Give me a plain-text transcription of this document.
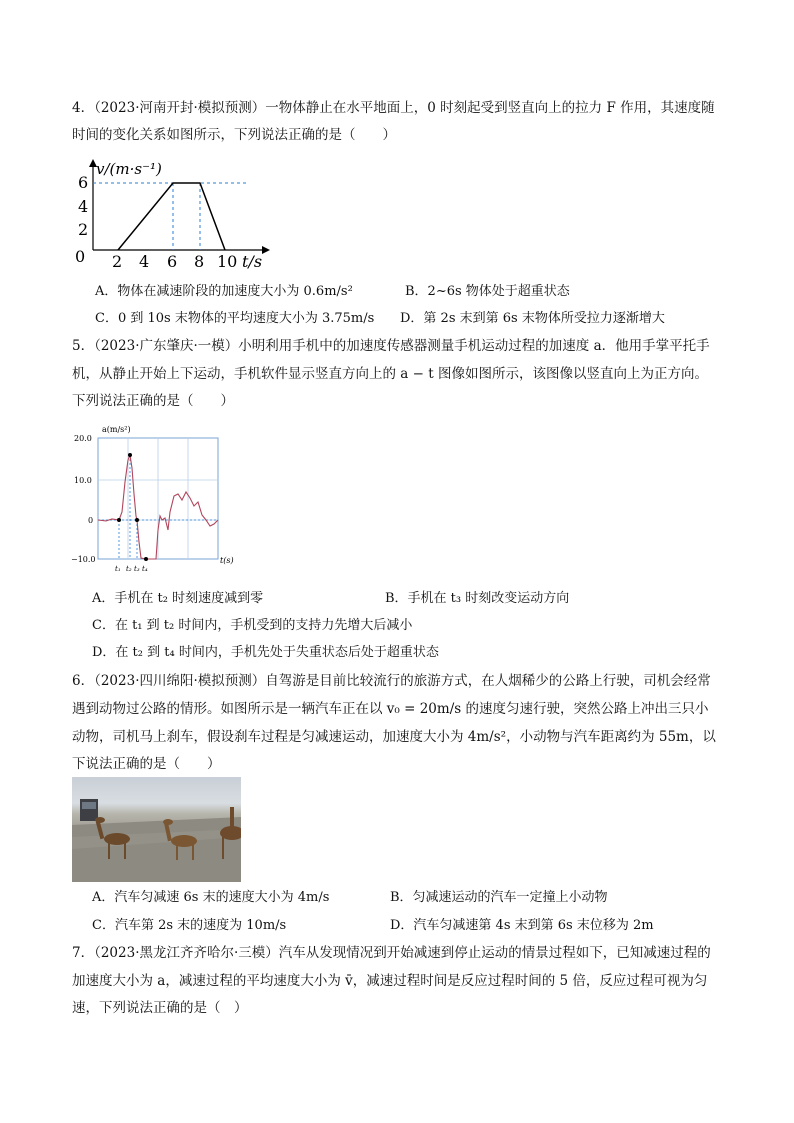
4．（2023·河南开封·模拟预测）一物体静止在水平地面上，0 时刻起受到竖直向上的拉力 F 作用，其速度随
时间的变化关系如图所示，下列说法正确的是（　　）
v/(m·s⁻¹)
6
4
2
0 2 4 6 8 10 t/s
A．物体在减速阶段的加速度大小为 0.6m/s²	B．2~6s 物体处于超重状态
C．0 到 10s 末物体的平均速度大小为 3.75m/s D．第 2s 末到第 6s 末物体所受拉力逐渐增大
5．（2023·广东肇庆·一模）小明利用手机中的加速度传感器测量手机运动过程的加速度 a．他用手掌平托手
机，从静止开始上下运动，手机软件显示竖直方向上的 a − t 图像如图所示，该图像以竖直向上为正方向。
下列说法正确的是（　　）
a(m/s²)
20.0
10.0
0
−10.0	t(s)
t₁ t₂ t₃ t₄
A．手机在 t₂ 时刻速度减到零	B．手机在 t₃ 时刻改变运动方向
C．在 t₁ 到 t₂ 时间内，手机受到的支持力先增大后减小
D．在 t₂ 到 t₄ 时间内，手机先处于失重状态后处于超重状态
6．（2023·四川绵阳·模拟预测）自驾游是目前比较流行的旅游方式，在人烟稀少的公路上行驶，司机会经常
遇到动物过公路的情形。如图所示是一辆汽车正在以 v₀ = 20m/s 的速度匀速行驶，突然公路上冲出三只小
动物，司机马上刹车，假设刹车过程是匀减速运动，加速度大小为 4m/s²，小动物与汽车距离约为 55m，以
下说法正确的是（　　）
A．汽车匀减速 6s 末的速度大小为 4m/s	B．匀减速运动的汽车一定撞上小动物
C．汽车第 2s 末的速度为 10m/s	D．汽车匀减速第 4s 末到第 6s 末位移为 2m
7．（2023·黑龙江齐齐哈尔·三模）汽车从发现情况到开始减速到停止运动的情景过程如下，已知减速过程的
加速度大小为 a，减速过程的平均速度大小为 v̄，减速过程时间是反应过程时间的 5 倍，反应过程可视为匀
速，下列说法正确的是（　）
